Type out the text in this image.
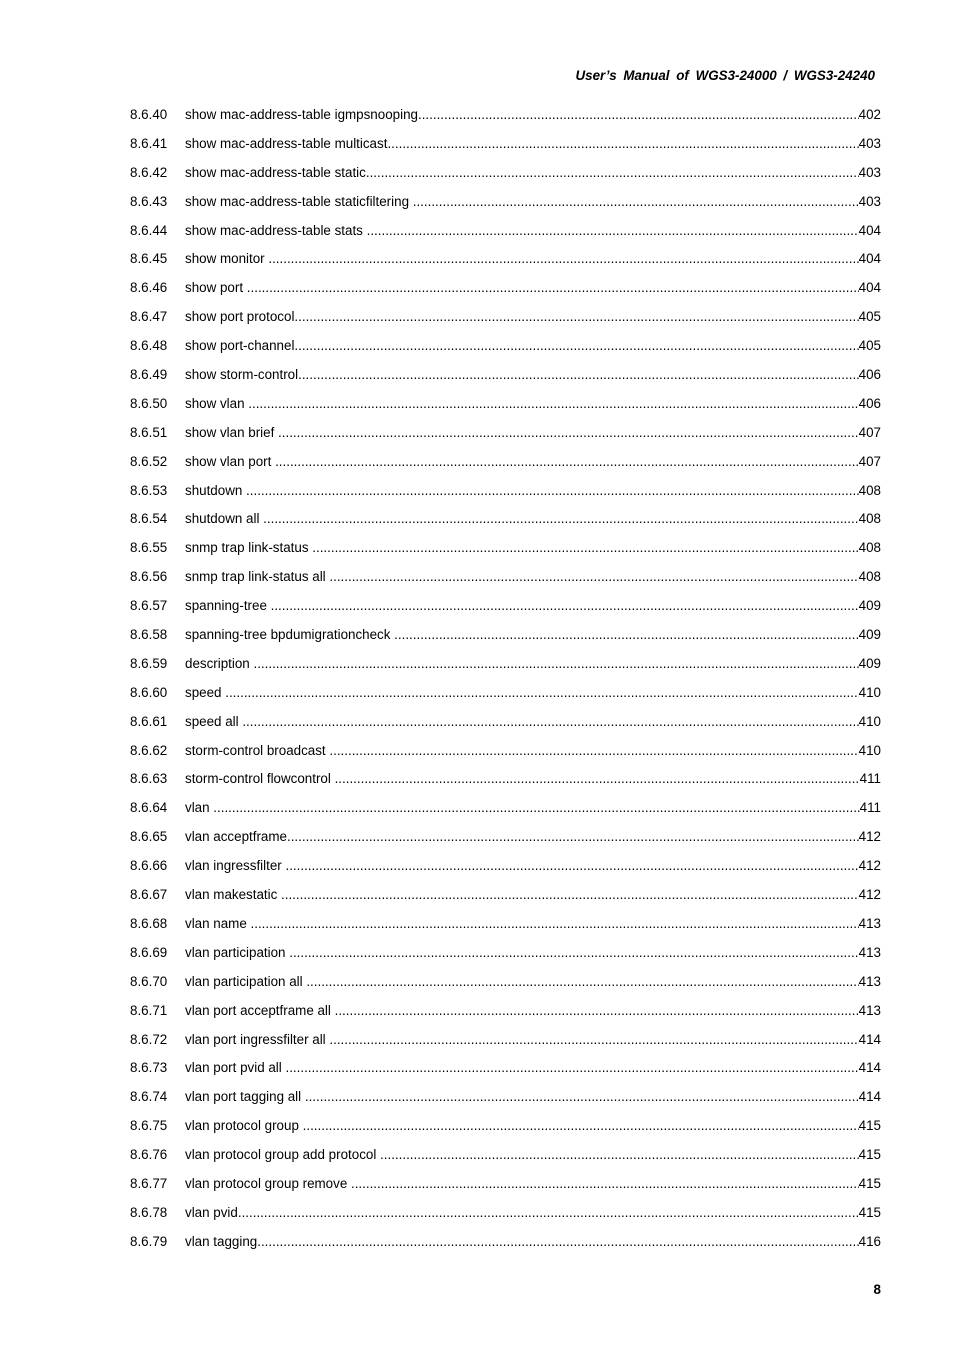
User’s Manual of WGS3-24000 / WGS3-24240
8.6.40	show mac-address-table igmpsnooping .....	402
8.6.41	show mac-address-table multicast .....	403
8.6.42	show mac-address-table static. .....	403
8.6.43	show mac-address-table staticfiltering .....	403
8.6.44	show mac-address-table stats .....	404
8.6.45	show monitor .....	404
8.6.46	show port .....	404
8.6.47	show port protocol. .....	405
8.6.48	show port-channel. .....	405
8.6.49	show storm-control. .....	406
8.6.50	show vlan .....	406
8.6.51	show vlan brief .....	407
8.6.52	show vlan port .....	407
8.6.53	shutdown .....	408
8.6.54	shutdown all .....	408
8.6.55	snmp trap link-status .....	408
8.6.56	snmp trap link-status all .....	408
8.6.57	spanning-tree .....	409
8.6.58	spanning-tree bpdumigrationcheck .....	409
8.6.59	description .....	409
8.6.60	speed .....	410
8.6.61	speed all .....	410
8.6.62	storm-control broadcast .....	410
8.6.63	storm-control flowcontrol .....	411
8.6.64	vlan .....	411
8.6.65	vlan acceptframe. .....	412
8.6.66	vlan ingressfilter .....	412
8.6.67	vlan makestatic .....	412
8.6.68	vlan name .....	413
8.6.69	vlan participation .....	413
8.6.70	vlan participation all .....	413
8.6.71	vlan port acceptframe all .....	413
8.6.72	vlan port ingressfilter all .....	414
8.6.73	vlan port pvid all .....	414
8.6.74	vlan port tagging all .....	414
8.6.75	vlan protocol group .....	415
8.6.76	vlan protocol group add protocol .....	415
8.6.77	vlan protocol group remove .....	415
8.6.78	vlan pvid .....	415
8.6.79	vlan tagging .....	416
8
